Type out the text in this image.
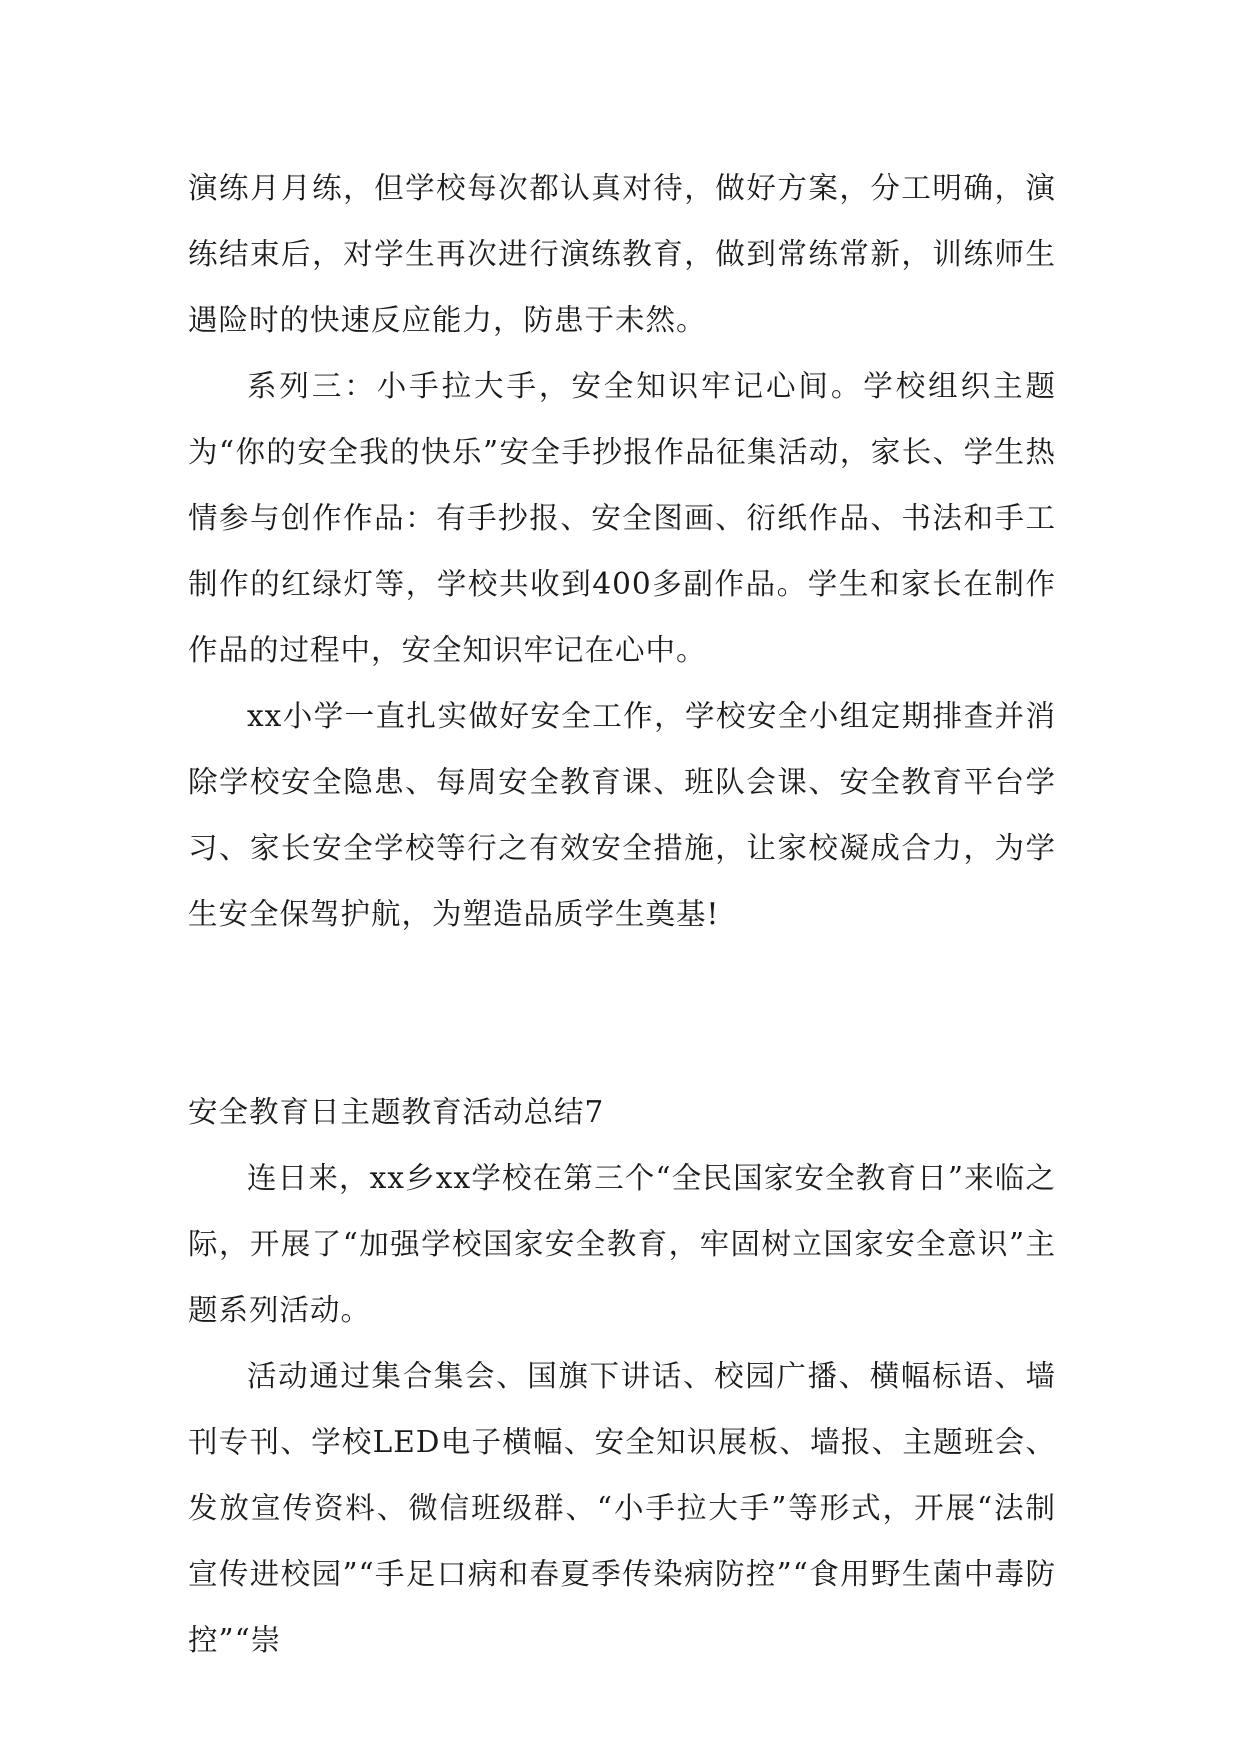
演练月月练，但学校每次都认真对待，做好方案，分工明确，演练结束后，对学生再次进行演练教育，做到常练常新，训练师生遇险时的快速反应能力，防患于未然。

系列三：小手拉大手，安全知识牢记心间。学校组织主题为“你的安全我的快乐”安全手抄报作品征集活动，家长、学生热情参与创作作品：有手抄报、安全图画、衍纸作品、书法和手工制作的红绿灯等，学校共收到400多副作品。学生和家长在制作作品的过程中，安全知识牢记在心中。

xx小学一直扎实做好安全工作，学校安全小组定期排查并消除学校安全隐患、每周安全教育课、班队会课、安全教育平台学习、家长安全学校等行之有效安全措施，让家校凝成合力，为学生安全保驾护航，为塑造品质学生奠基!

安全教育日主题教育活动总结7

连日来，xx乡xx学校在第三个“全民国家安全教育日”来临之际，开展了“加强学校国家安全教育，牢固树立国家安全意识”主题系列活动。

活动通过集合集会、国旗下讲话、校园广播、横幅标语、墙刊专刊、学校LED电子横幅、安全知识展板、墙报、主题班会、发放宣传资料、微信班级群、“小手拉大手”等形式，开展“法制宣传进校园”“手足口病和春夏季传染病防控”“食用野生菌中毒防控”“崇
